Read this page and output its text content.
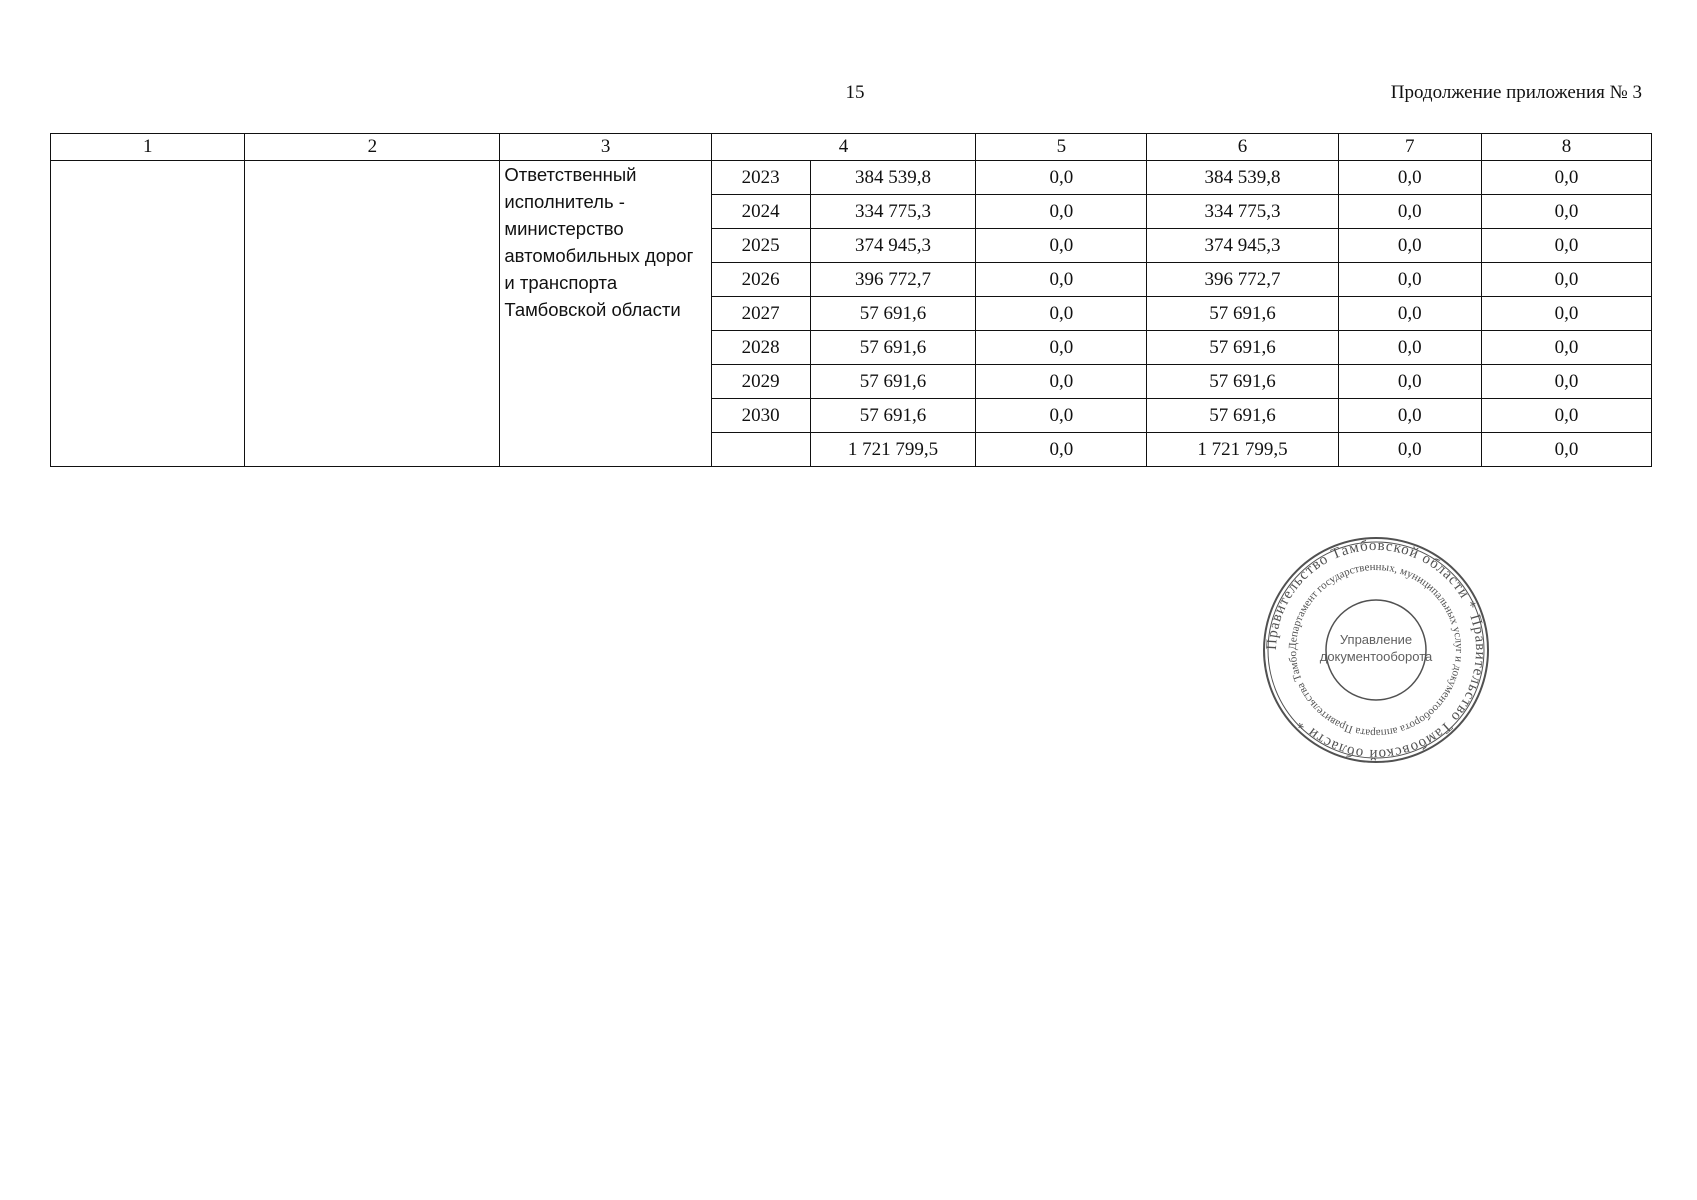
15	Продолжение приложения № 3
1	2	3	4		5	6	7	8
		Ответственный исполнитель - министерство автомобильных дорог и транспорта Тамбовской области	2023	384 539,8	0,0	384 539,8	0,0	0,0
			2024	334 775,3	0,0	334 775,3	0,0	0,0
			2025	374 945,3	0,0	374 945,3	0,0	0,0
			2026	396 772,7	0,0	396 772,7	0,0	0,0
			2027	57 691,6	0,0	57 691,6	0,0	0,0
			2028	57 691,6	0,0	57 691,6	0,0	0,0
			2029	57 691,6	0,0	57 691,6	0,0	0,0
			2030	57 691,6	0,0	57 691,6	0,0	0,0
				1 721 799,5	0,0	1 721 799,5	0,0	0,0
Правительство Тамбовской области * Правительство Тамбовской области *
Департамент государственных, муниципальных услуг и документооборота аппарата Правительства Тамбо
Управление
документооборота
